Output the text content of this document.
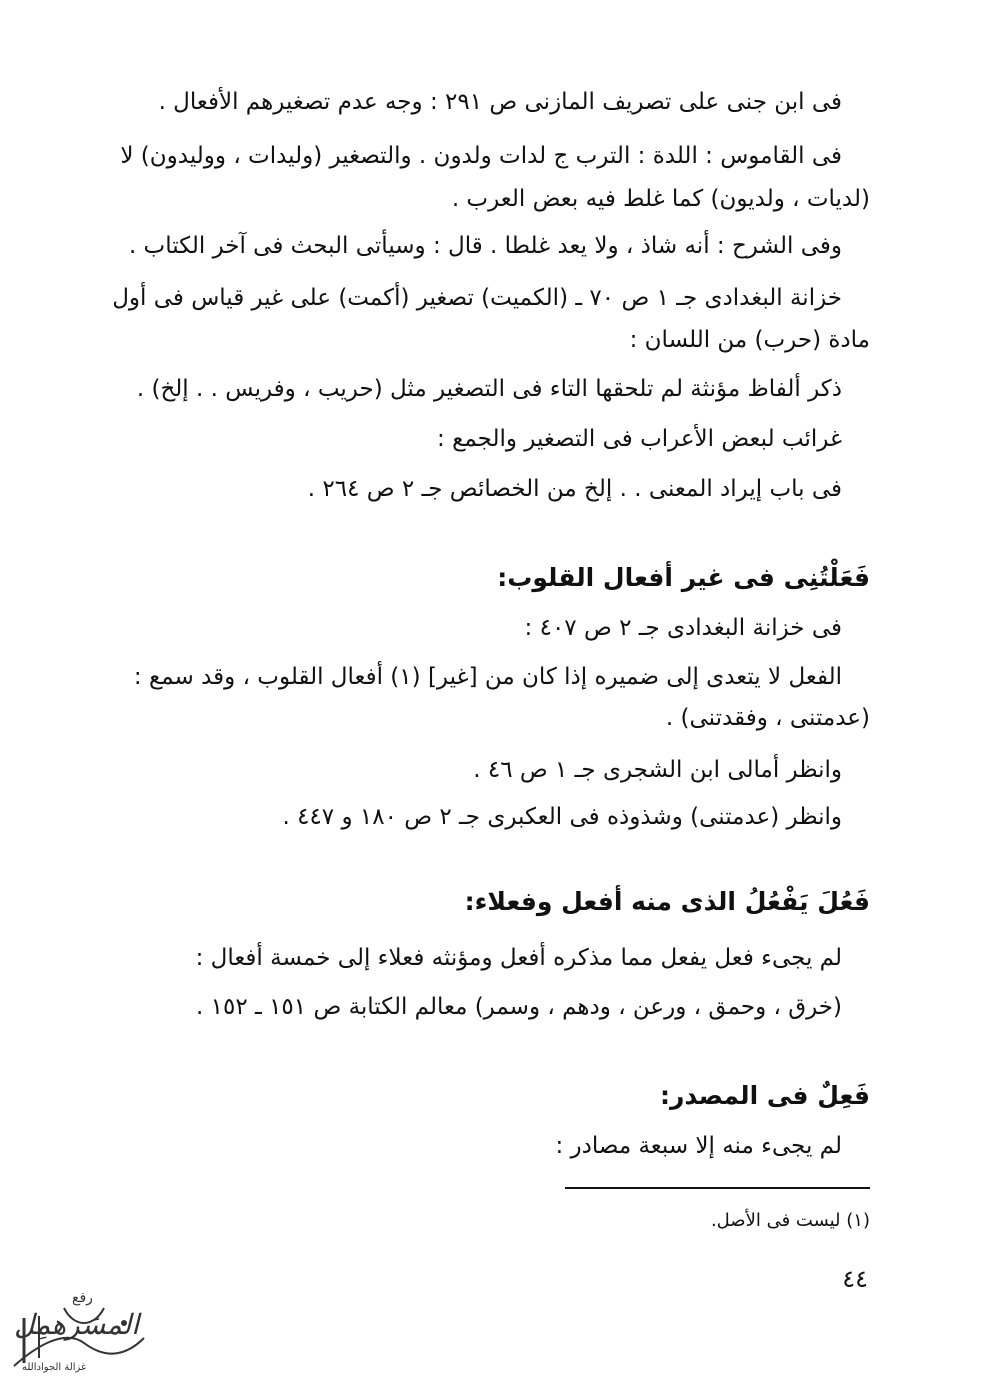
فى ابن جنى على تصريف المازنى ص ٢٩١ : وجه عدم تصغيرهم الأفعال .
فى القاموس : اللدة : الترب ج لدات ولدون . والتصغير (وليدات ، ووليدون) لا
(لديات ، ولديون) كما غلط فيه بعض العرب .
وفى الشرح : أنه شاذ ، ولا يعد غلطا . قال : وسيأتى البحث فى آخر الكتاب .
خزانة البغدادى جـ ١ ص ٧٠ ـ (الكميت) تصغير (أكمت) على غير قياس فى أول
مادة (حرب) من اللسان :
ذكر ألفاظ مؤنثة لم تلحقها التاء فى التصغير مثل (حريب ، وفريس . . إلخ) .
غرائب لبعض الأعراب فى التصغير والجمع :
فى باب إيراد المعنى . . إلخ من الخصائص جـ ٢ ص ٢٦٤ .
فَعَلْتُنِى فى غير أفعال القلوب:
فى خزانة البغدادى جـ ٢ ص ٤٠٧ :
الفعل لا يتعدى إلى ضميره إذا كان من [غير] (١) أفعال القلوب ، وقد سمع :
(عدمتنى ، وفقدتنى) .
وانظر أمالى ابن الشجرى جـ ١ ص ٤٦ .
وانظر (عدمتنى) وشذوذه فى العكبرى جـ ٢ ص ١٨٠ و ٤٤٧ .
فَعُلَ يَفْعُلُ الذى منه أفعل وفعلاء:
لم يجىء فعل يفعل مما مذكره أفعل ومؤنثه فعلاء إلى خمسة أفعال :
(خرق ، وحمق ، ورعن ، ودهم ، وسمر) معالم الكتابة ص ١٥١ ـ ١٥٢ .
فَعِلٌ فى المصدر:
لم يجىء منه إلا سبعة مصادر :
(١) ليست فى الأصل.
٤٤
رفع
المسَرهمِل
غزالة الجوادالله
